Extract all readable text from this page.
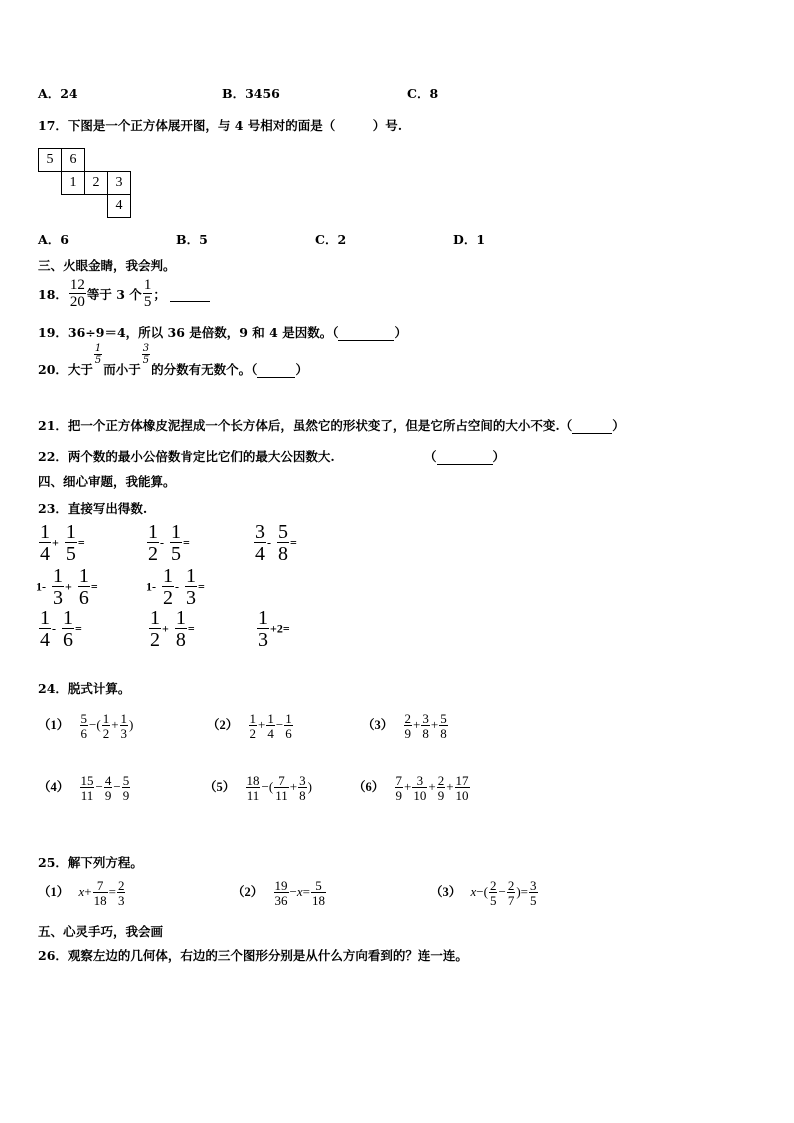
A．24	B．3456	C．8
17．下图是一个正方体展开图，与 4 号相对的面是（　　　）号.
5	6		
	1	2	3
			4
A．6	B．5	C．2	D．1
三、火眼金睛，我会判。
18． $\frac{12}{20}$ 等于 3 个 $\frac{1}{5}$ ；

19．36÷9＝4，所以 36 是倍数，9 和 4 是因数。（	）
20．大于
$\frac{1}{5}$
而小于
$\frac{3}{5}$
的分数有无数个。（
	）
21．把一个正方体橡皮泥捏成一个长方体后，虽然它的形状变了，但是它所占空间的大小不变.（	）
22．两个数的最小公倍数肯定比它们的最大公因数大.	（	）
四、细心审题，我能算。
23．直接写出得数.
$\frac{1}{4} + \frac{1}{5}$ =	$\frac{1}{2} - \frac{1}{5}$ =	$\frac{3}{4} - \frac{5}{8}$ =
$1- \frac{1}{3} + \frac{1}{6}$ =	$1- \frac{1}{2} - \frac{1}{3}$ =
$\frac{1}{4} - \frac{1}{6}$ =	$\frac{1}{2} + \frac{1}{8}$ =	$\frac{1}{3} +2=$
24．脱式计算。
$(1) \frac{5}{6}$ −( $\frac{1}{2} + \frac{1}{3}$ )	$(2) \frac{1}{2} + \frac{1}{4} - \frac{1}{6}$	$(3) \frac{2}{9} + \frac{3}{8} + \frac{5}{8}$
$(4) \frac{15}{11} - \frac{4}{9} - \frac{5}{9}$	$(5) \frac{18}{11}$ −( $\frac{7}{11} + \frac{3}{8}$ )	$(6) \frac{7}{9} + \frac{3}{10} + \frac{2}{9} + \frac{17}{10}$
25．解下列方程。
（1） $x+ \frac{7}{18} = \frac{2}{3}$	$(2) \frac{19}{36} -x= \frac{5}{18}$	（3） $x-( \frac{2}{5} - \frac{2}{7}$ )= $\frac{3}{5}$
五、心灵手巧，我会画
26．观察左边的几何体，右边的三个图形分别是从什么方向看到的？连一连。
